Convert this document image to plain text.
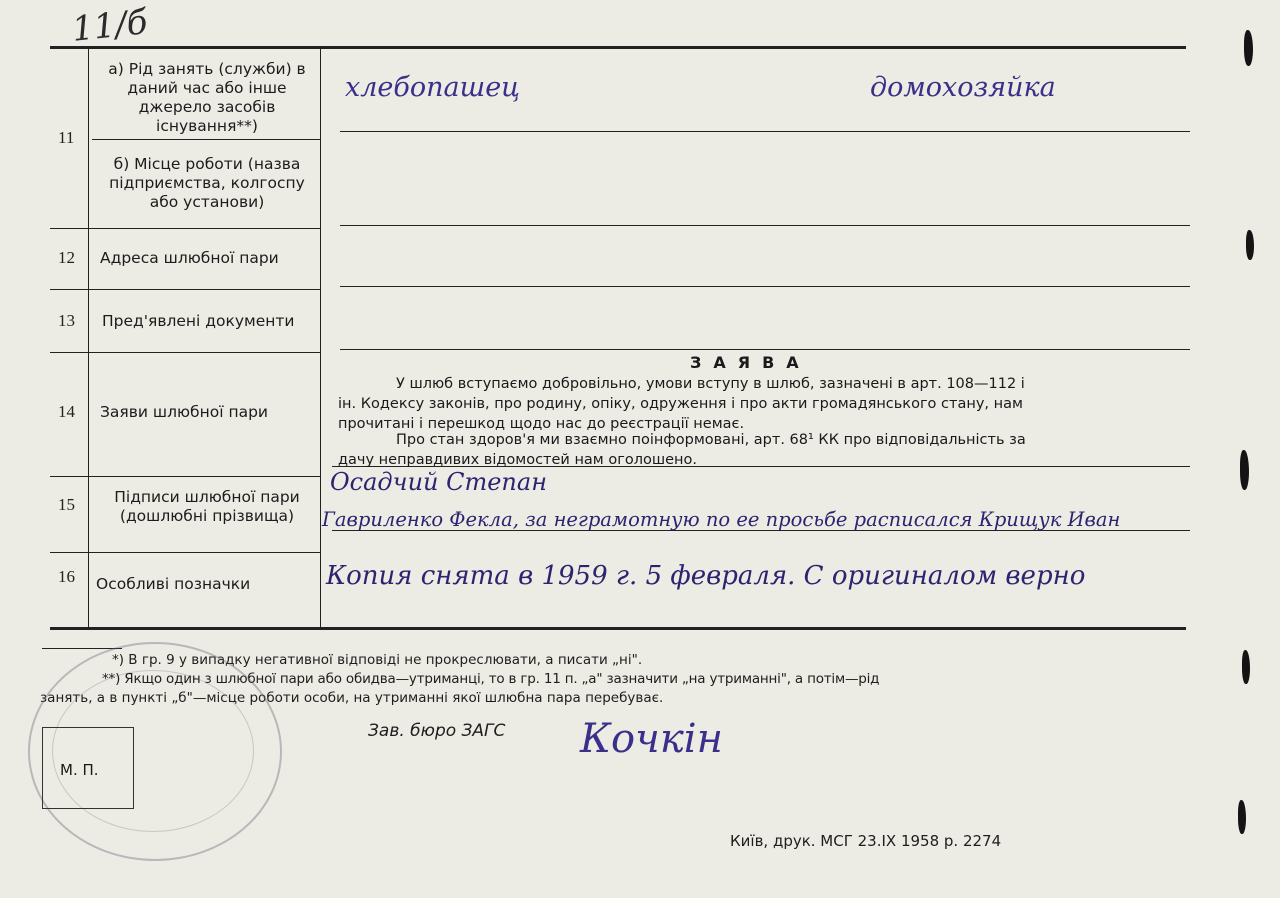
11/б
11
12
13
14
15
16
а) Рід занять (служби) в даний час або інше джерело засобів існування**)
б) Місце роботи (назва підприємства, колгоспу або установи)
Адреса шлюбної пари
Пред'явлені документи
Заяви шлюбної пари
Підписи шлюбної пари (дошлюбні прізвища)
Особливі позначки
хлебопашец	домохозяйка
Осадчий Степан
Гавриленко Фекла, за неграмотную по ее просьбе расписался Крищук Иван
Копия снята в 1959 г. 5 февраля. С оригиналом верно
ЗАЯВА
У шлюб вступаємо добровільно, умови вступу в шлюб, зазначені в арт. 108—112 і
ін. Кодексу законів, про родину, опіку, одруження і про акти громадянського стану, нам
прочитані і перешкод щодо нас до реєстрації немає.
Про стан здоров'я ми взаємно поінформовані, арт. 68¹ КК про відповідальність за
дачу неправдивих відомостей нам оголошено.
*) В гр. 9 у випадку негативної відповіді не прокреслювати, а писати „ні".
**) Якщо один з шлюбної пари або обидва—утриманці, то в гр. 11 п. „а" зазначити „на утриманні", а потім—рід
занять, а в пункті „б"—місце роботи особи, на утриманні якої шлюбна пара перебуває.
Зав. бюро ЗАГС Кочкін
М. П.
Київ, друк. МСГ 23.IX 1958 р. 2274
